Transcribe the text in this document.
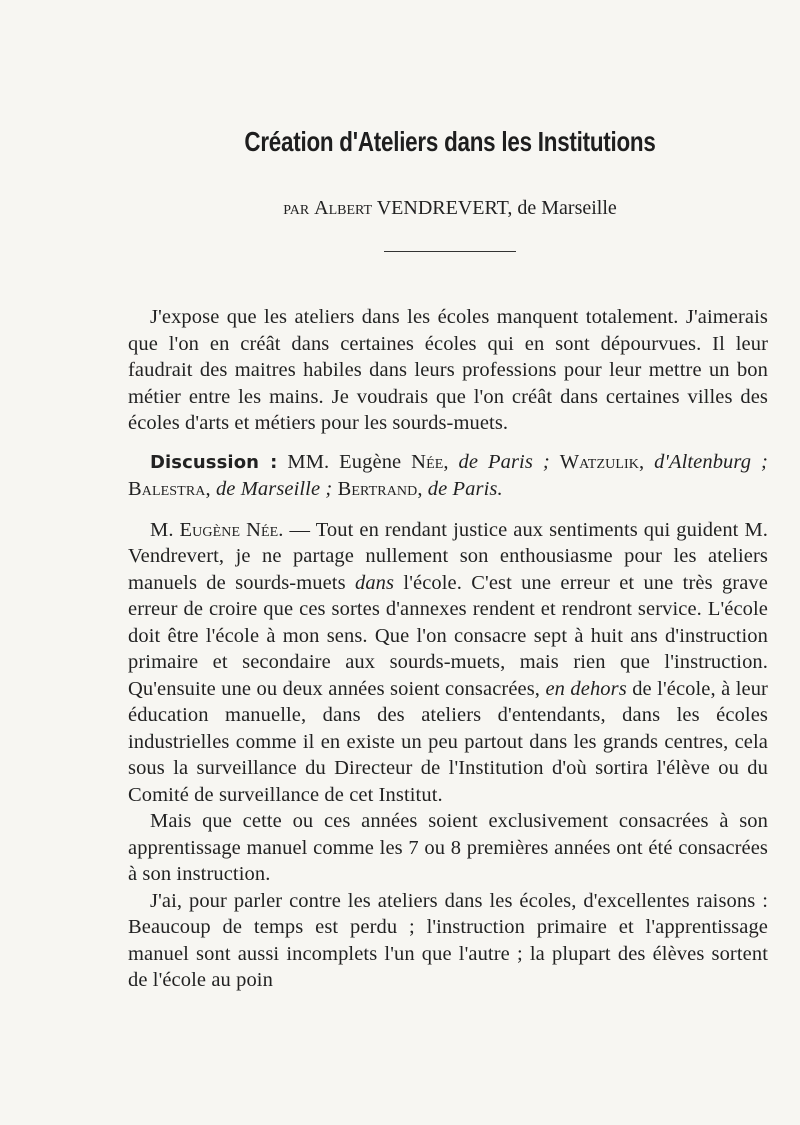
Création d'Ateliers dans les Institutions
par Albert VENDREVERT, de Marseille

J'expose que les ateliers dans les écoles manquent totalement. J'aimerais que l'on en créât dans certaines écoles qui en sont dépourvues. Il leur faudrait des maitres habiles dans leurs professions pour leur mettre un bon métier entre les mains. Je voudrais que l'on créât dans certaines villes des écoles d'arts et métiers pour les sourds-muets.

Discussion : MM. Eugène Née, de Paris ; Watzulik, d'Altenburg ; Balestra, de Marseille ; Bertrand, de Paris.

M. Eugène Née. — Tout en rendant justice aux sentiments qui guident M. Vendrevert, je ne partage nullement son enthousiasme pour les ateliers manuels de sourds-muets dans l'école. C'est une erreur et une très grave erreur de croire que ces sortes d'annexes rendent et rendront service. L'école doit être l'école à mon sens. Que l'on consacre sept à huit ans d'instruction primaire et secondaire aux sourds-muets, mais rien que l'instruction. Qu'ensuite une ou deux années soient consacrées, en dehors de l'école, à leur éducation manuelle, dans des ateliers d'entendants, dans les écoles industrielles comme il en existe un peu partout dans les grands centres, cela sous la surveillance du Directeur de l'Institution d'où sortira l'élève ou du Comité de surveillance de cet Institut.

Mais que cette ou ces années soient exclusivement consacrées à son apprentissage manuel comme les 7 ou 8 premières années ont été consacrées à son instruction.

J'ai, pour parler contre les ateliers dans les écoles, d'excellentes raisons : Beaucoup de temps est perdu ; l'instruction primaire et l'apprentissage manuel sont aussi incomplets l'un que l'autre ; la plupart des élèves sortent de l'école au poin
